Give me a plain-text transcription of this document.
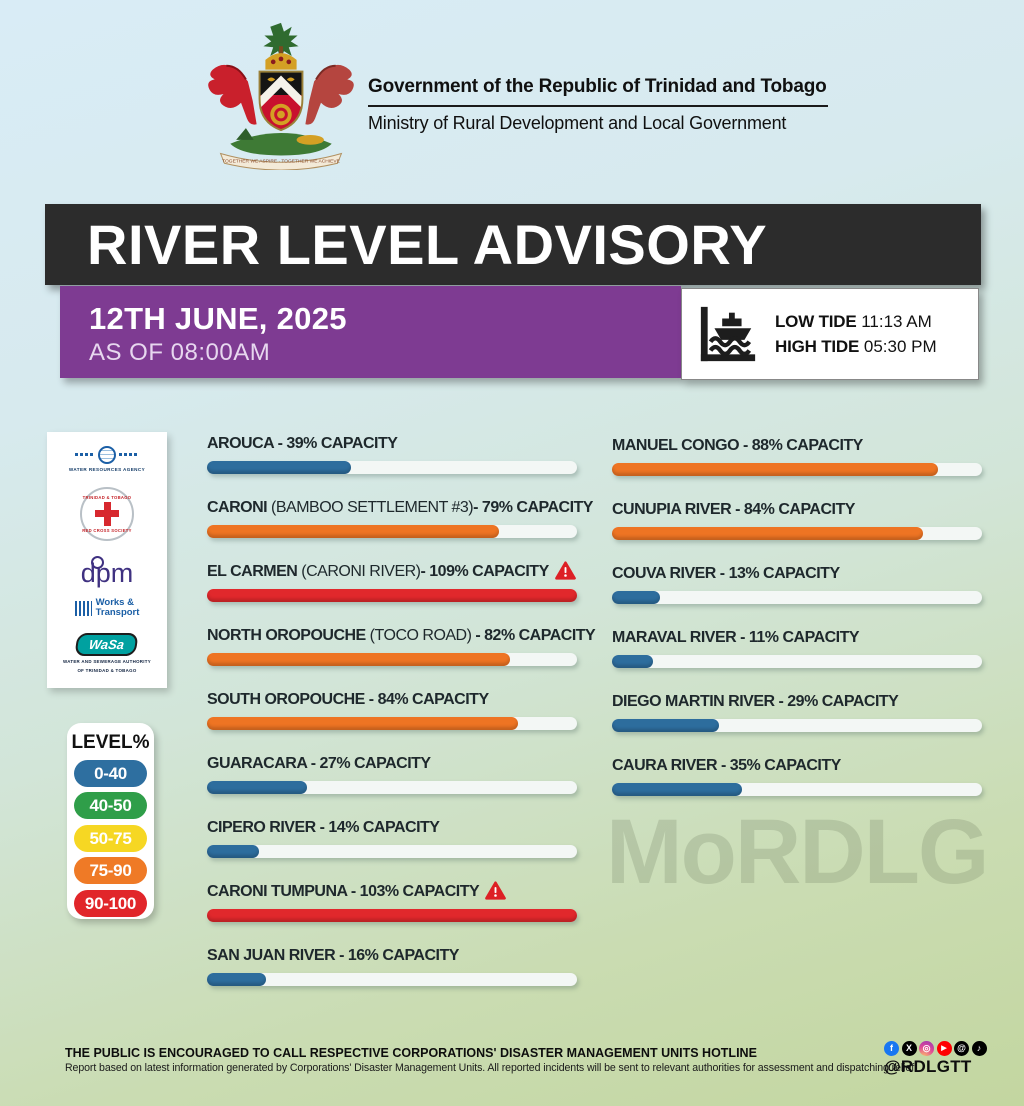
TOGETHER WE ASPIRE · TOGETHER WE ACHIEVE
Government of the Republic of Trinidad and Tobago
Ministry of Rural Development and Local Government
RIVER LEVEL ADVISORY
12TH JUNE, 2025
AS OF 08:00AM
LOW TIDE 11:13 AM
HIGH TIDE 05:30 PM
WATER RESOURCES AGENCY
TRINIDAD & TOBAGO
RED CROSS SOCIETY

dpm
Works &
Transport
WaSa
WATER AND SEWERAGE AUTHORITY
OF TRINIDAD & TOBAGO
LEVEL%
0-40
40-50
50-75
75-90
90-100
AROUCA - 39% CAPACITY
CARONI (BAMBOO SETTLEMENT #3)- 79% CAPACITY
EL CARMEN (CARONI RIVER)- 109% CAPACITY
NORTH OROPOUCHE (TOCO ROAD) - 82% CAPACITY
SOUTH OROPOUCHE - 84% CAPACITY
GUARACARA - 27% CAPACITY
CIPERO RIVER - 14% CAPACITY
CARONI TUMPUNA - 103% CAPACITY
SAN JUAN RIVER - 16% CAPACITY
MANUEL CONGO - 88% CAPACITY
CUNUPIA RIVER - 84% CAPACITY
COUVA RIVER - 13% CAPACITY
MARAVAL RIVER - 11% CAPACITY
DIEGO MARTIN RIVER - 29% CAPACITY
CAURA RIVER - 35% CAPACITY
MoRDLG
THE PUBLIC IS ENCOURAGED TO CALL RESPECTIVE CORPORATIONS' DISASTER MANAGEMENT UNITS HOTLINE
Report based on latest information generated by Corporations' Disaster Management Units. All reported incidents will be sent to relevant authorities for assessment and dispatching relief.
f	X	◎	▶	@	♪
@RDLGTT
